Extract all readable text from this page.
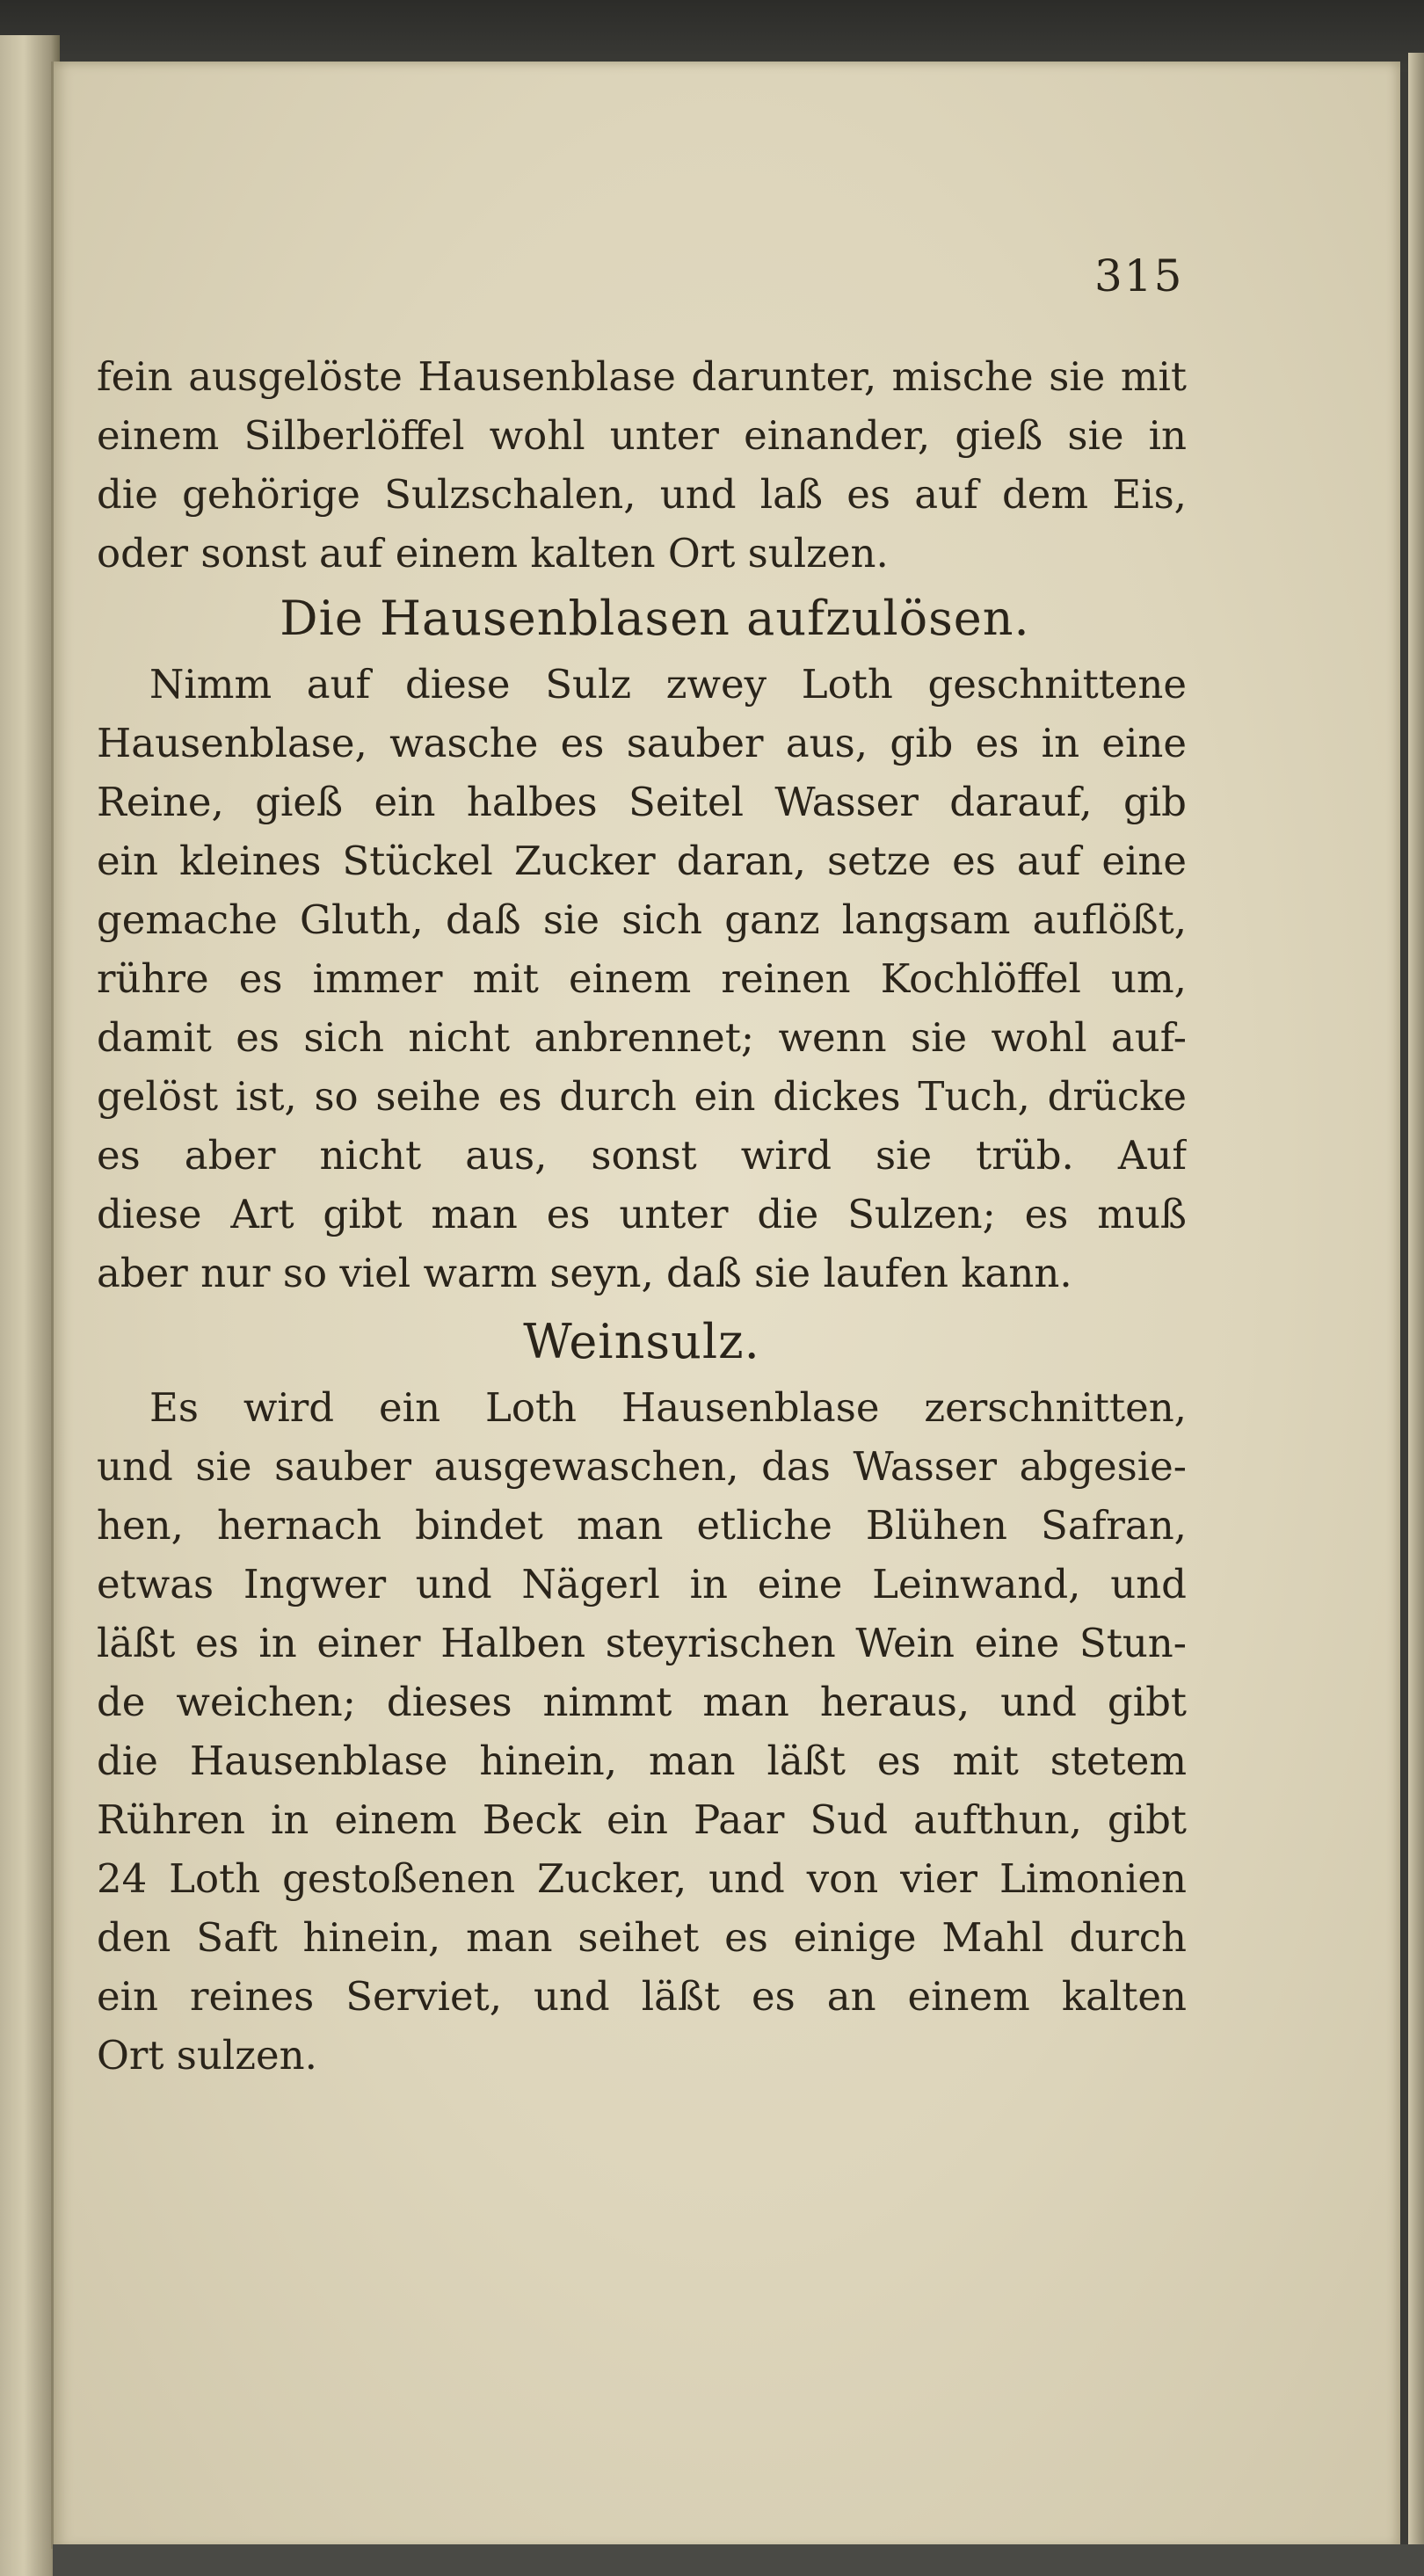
315
fein ausgelöste Hausenblase darunter, mische sie mit
einem Silberlöffel wohl unter einander, gieß sie in
die gehörige Sulzschalen, und laß es auf dem Eis,
oder sonst auf einem kalten Ort sulzen.
Die Hausenblasen aufzulösen.
Nimm auf diese Sulz zwey Loth geschnittene
Hausenblase, wasche es sauber aus, gib es in eine
Reine, gieß ein halbes Seitel Wasser darauf, gib
ein kleines Stückel Zucker daran, setze es auf eine
gemache Gluth, daß sie sich ganz langsam auflößt,
rühre es immer mit einem reinen Kochlöffel um,
damit es sich nicht anbrennet; wenn sie wohl auf-
gelöst ist, so seihe es durch ein dickes Tuch, drücke
es aber nicht aus, sonst wird sie trüb. Auf
diese Art gibt man es unter die Sulzen; es muß
aber nur so viel warm seyn, daß sie laufen kann.
Weinsulz.
Es wird ein Loth Hausenblase zerschnitten,
und sie sauber ausgewaschen, das Wasser abgesie-
hen, hernach bindet man etliche Blühen Safran,
etwas Ingwer und Nägerl in eine Leinwand, und
läßt es in einer Halben steyrischen Wein eine Stun-
de weichen; dieses nimmt man heraus, und gibt
die Hausenblase hinein, man läßt es mit stetem
Rühren in einem Beck ein Paar Sud aufthun, gibt
24 Loth gestoßenen Zucker, und von vier Limonien
den Saft hinein, man seihet es einige Mahl durch
ein reines Serviet, und läßt es an einem kalten
Ort sulzen.
